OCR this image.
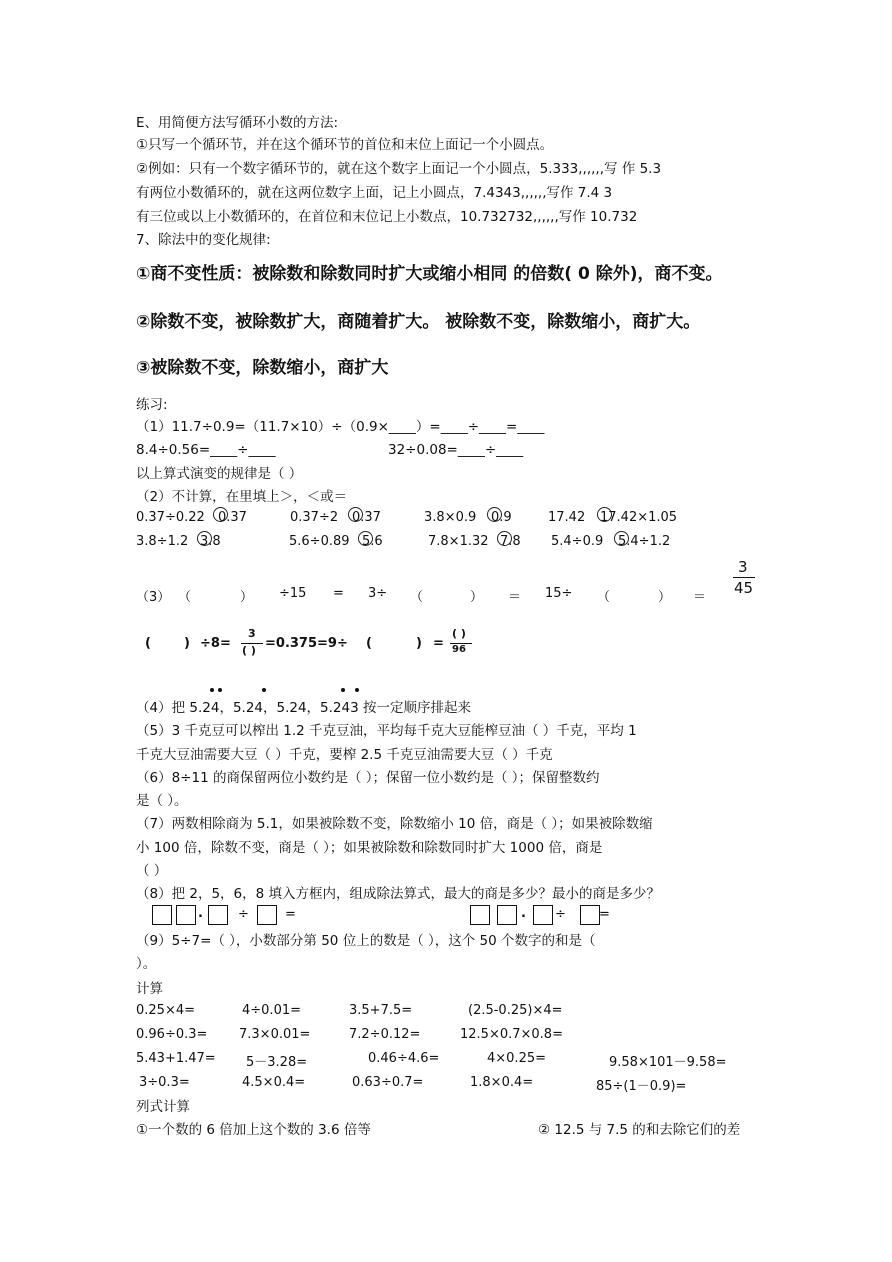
E、用简便方法写循环小数的方法:
①只写一个循环节，并在这个循环节的首位和末位上面记一个小圆点。
②例如：只有一个数字循环节的，就在这个数字上面记一个小圆点，5.333,,,,,,写 作 5.3
有两位小数循环的，就在这两位数字上面，记上小圆点，7.4343,,,,,,写作 7.4 3
有三位或以上小数循环的，在首位和末位记上小数点，10.732732,,,,,,写作 10.732
7、除法中的变化规律:
①商不变性质：被除数和除数同时扩大或缩小相同 的倍数( 0 除外)，商不变。
②除数不变，被除数扩大，商随着扩大。 被除数不变，除数缩小，商扩大。
③被除数不变，除数缩小，商扩大
练习:
（1）11.7÷0.9=（11.7×10）÷（0.9×____）=____÷____=____
8.4÷0.56=____÷____	32÷0.08=____÷____
以上算式演变的规律是（ ）
（2）不计算，在里填上＞，＜或＝
0.37÷0.22 0.37	0.37÷2 0.37	3.8×0.9 0.9	17.42 17.42×1.05
3.8÷1.2 3.8	5.6÷0.89 5.6	7.8×1.32 7.8 5.4÷0.9 5.4÷1.2
（3） （	） ÷15 = 3÷ （	） ＝ 15÷ （	） ＝
3
45
(	) ÷8=
3
( ) =0.375=9÷ (	) =
( )
96
（4）把 5.24，5.24，5.24，5.243 按一定顺序排起来
（5）3 千克豆可以榨出 1.2 千克豆油，平均每千克大豆能榨豆油（ ）千克，平均 1
千克大豆油需要大豆（ ）千克，要榨 2.5 千克豆油需要大豆（ ）千克
（6）8÷11 的商保留两位小数约是（ ）；保留一位小数约是（ ）；保留整数约
是（ ）。
（7）两数相除商为 5.1，如果被除数不变，除数缩小 10 倍，商是（ ）；如果被除数缩
小 100 倍，除数不变，商是（ ）；如果被除数和除数同时扩大 1000 倍，商是
（ ）
（8）把 2，5，6，8 填入方框内，组成除法算式，最大的商是多少？最小的商是多少？
.	÷	=	. ÷	=
（9）5÷7=（ ），小数部分第 50 位上的数是（ ），这个 50 个数字的和是（
）。
计算
0.25×4=	4÷0.01=	3.5+7.5=	(2.5-0.25)×4=
0.96÷0.3= 7.3×0.01=	7.2÷0.12=	12.5×0.7×0.8=
5.43+1.47= 5－3.28=	0.46÷4.6=	4×0.25=	9.58×101－9.58=
3÷0.3=	4.5×0.4=	0.63÷0.7=	1.8×0.4=	85÷(1－0.9)=
列式计算
①一个数的 6 倍加上这个数的 3.6 倍等	② 12.5 与 7.5 的和去除它们的差
